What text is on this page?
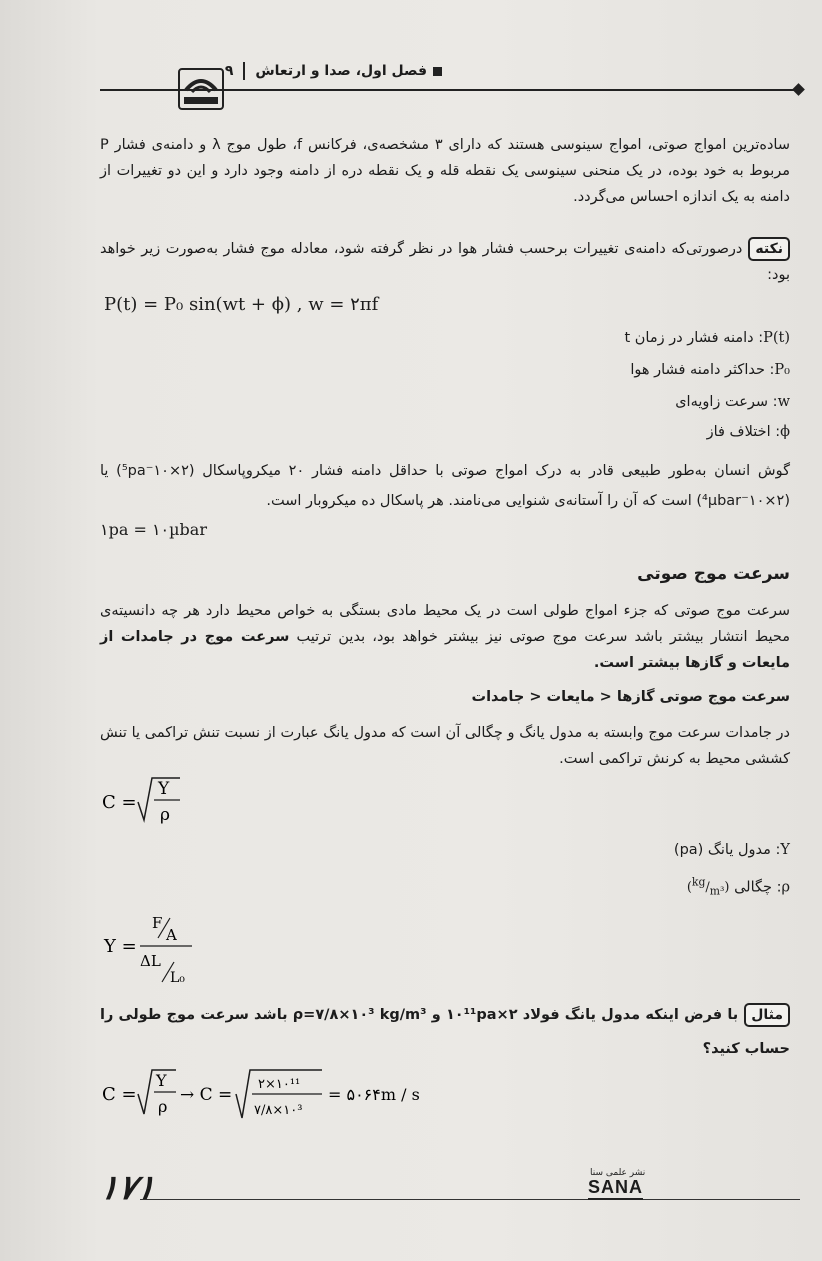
فصل اول، صدا و ارتعاش۹
ساده‌ترین امواج صوتی، امواج سینوسی هستند که دارای ۳ مشخصه‌ی، فرکانس f، طول موج λ و دامنه‌ی فشار P مربوط به خود بوده، در یک منحنی سینوسی یک نقطه قله و یک نقطه دره از دامنه وجود دارد و این دو تغییرات از دامنه به یک اندازه احساس می‌گردد.
نکتهدرصورتی‌که دامنه‌ی تغییرات برحسب فشار هوا در نظر گرفته شود، معادله موج فشار به‌صورت زیر خواهد بود:
P(t) = P₀ sin(wt + ϕ) , w = ۲πf
P(t): دامنه فشار در زمان t
P₀: حداکثر دامنه فشار هوا
w: سرعت زاویه‌ای
ϕ: اختلاف فاز
گوش انسان به‌طور طبیعی قادر به درک امواج صوتی با حداقل دامنه فشار ۲۰ میکروپاسکال (۲×۱۰⁻⁵pa) یا (۲×۱۰⁻⁴µbar) است که آن را آستانه‌ی شنوایی می‌نامند. هر پاسکال ده میکروبار است.
۱pa = ۱۰µbar
سرعت موج صوتی
سرعت موج صوتی که جزء امواج طولی است در یک محیط مادی بستگی به خواص محیط دارد هر چه دانسیته‌ی محیط انتشار بیشتر باشد سرعت موج صوتی نیز بیشتر خواهد بود، بدین ترتیب سرعت موج در جامدات از مایعات و گازها بیشتر است.
سرعت موج صوتی گازها < مایعات < جامدات
در جامدات سرعت موج وابسته به مدول یانگ و چگالی آن است که مدول یانگ عبارت از نسبت تنش تراکمی یا تنش کششی محیط به کرنش تراکمی است.
C =
Y
ρ
Y: مدول یانگ (pa)
ρ: چگالی $(^{kg}/_{m^3})$
Y =
F
A
ΔL
L₀
مثالبا فرض اینکه مدول یانگ فولاد ۲×۱۰¹¹pa و ρ=۷/۸×۱۰³ kg/m³ باشد سرعت موج طولی را حساب کنید؟
C =
Y
ρ
→ C =
۲×۱۰¹¹
۷/۸×۱۰³
= ۵۰۶۴m / s
۱۷۱	نشر علمی سنا
SANA
